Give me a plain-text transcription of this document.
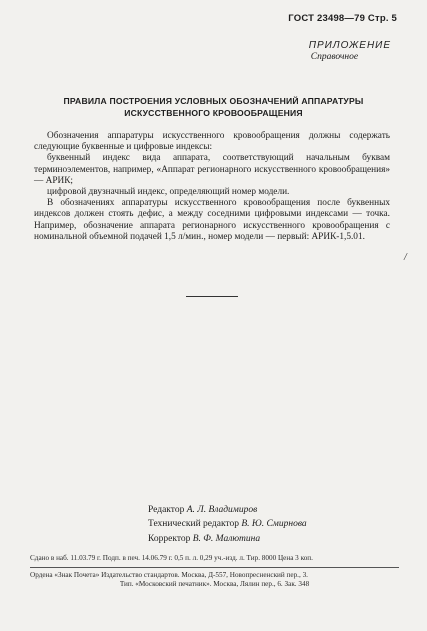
ГОСТ 23498—79 Стр. 5
ПРИЛОЖЕНИЕ
Справочное
ПРАВИЛА ПОСТРОЕНИЯ УСЛОВНЫХ ОБОЗНАЧЕНИЙ АППАРАТУРЫ
ИСКУССТВЕННОГО КРОВООБРАЩЕНИЯ

Обозначения аппаратуры искусственного кровообращения должны содержать следующие буквенные и цифровые индексы:

буквенный индекс вида аппарата, соответствующий начальным буквам терминоэлементов, например, «Аппарат регионарного искусственного кровообращения» — АРИК;

цифровой двузначный индекс, определяющий номер модели.

В обозначениях аппаратуры искусственного кровообращения после буквенных индексов должен стоять дефис, а между соседними цифровыми индексами — точка. Например, обозначение аппарата регионарного искусственного кровообращения с номинальной объемной подачей 1,5 л/мин., номер модели — первый: АРИК-1,5.01.

/
Редактор А. Л. Владимиров
Технический редактор В. Ю. Смирнова
Корректор В. Ф. Малютина
Сдано в наб. 11.03.79 г. Подп. в печ. 14.06.79 г. 0,5 п. л. 0,29 уч.-изд. л. Тир. 8000 Цена 3 коп.
Ордена «Знак Почета» Издательство стандартов. Москва, Д-557, Новопресненский пер., 3.
Тип. «Московский печатник». Москва, Лялин пер., 6. Зак. 348
